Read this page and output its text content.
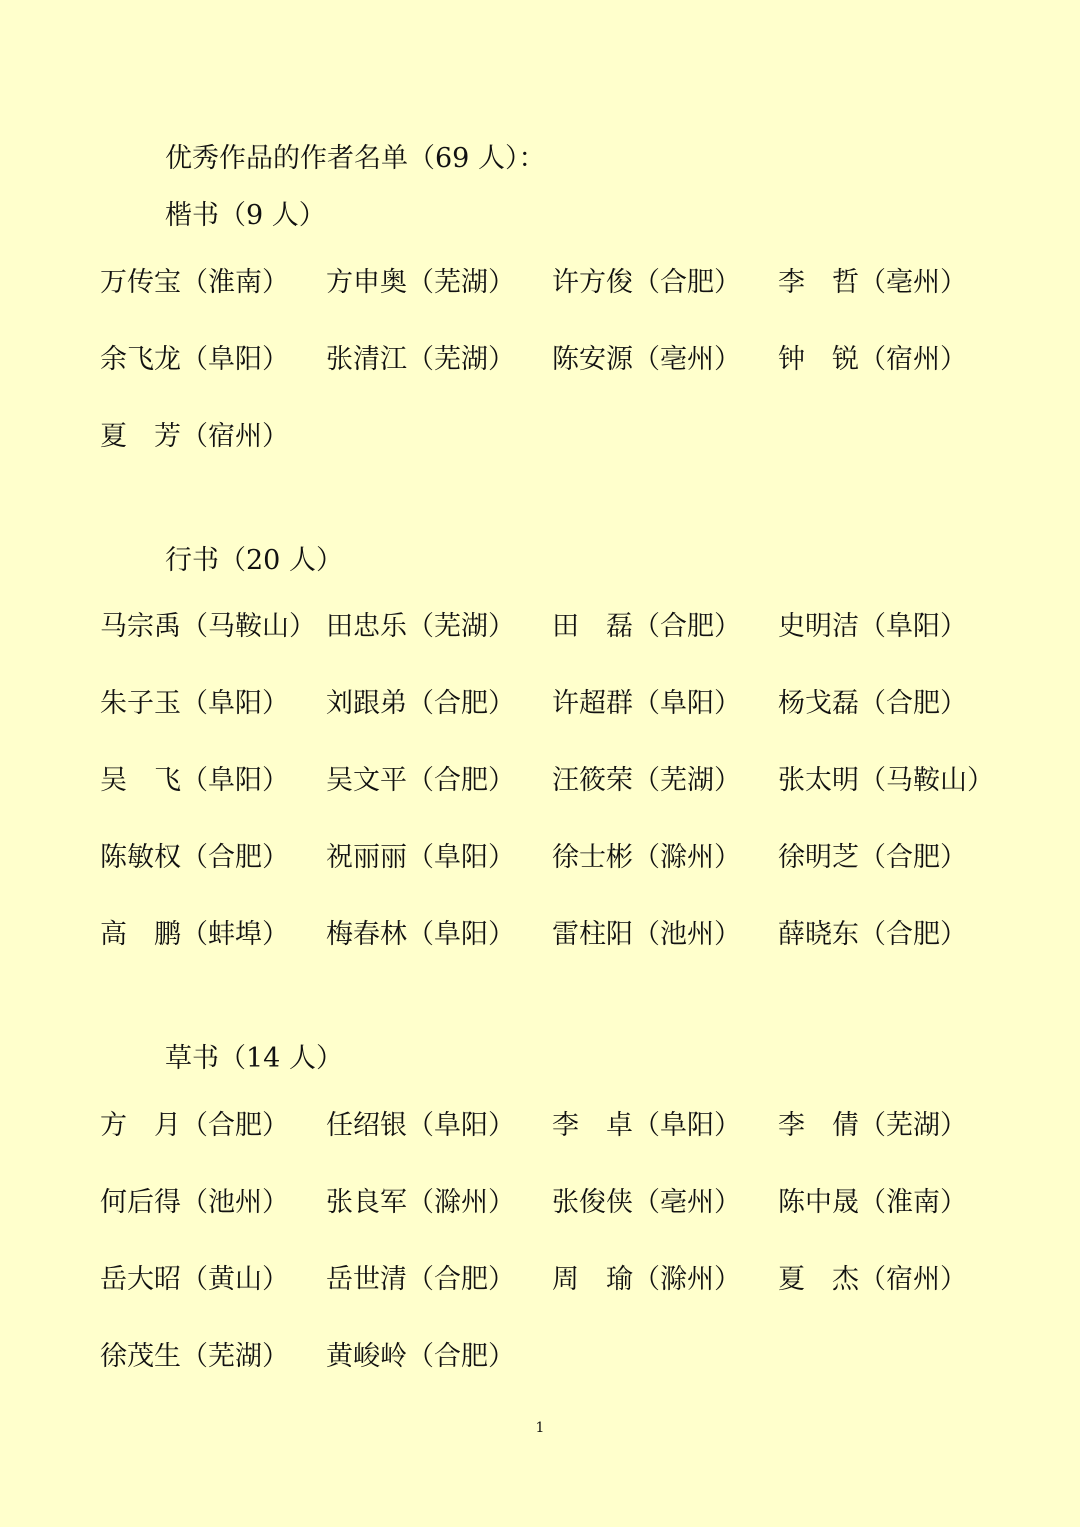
优秀作品的作者名单（69 人）：
楷书（9 人）
万传宝（淮南） 方申奥（芜湖） 许方俊（合肥） 李　哲（亳州）
余飞龙（阜阳） 张清江（芜湖） 陈安源（亳州） 钟　锐（宿州）
夏　芳（宿州）
行书（20 人）
马宗禹（马鞍山） 田忠乐（芜湖） 田　磊（合肥） 史明洁（阜阳）
朱子玉（阜阳） 刘跟弟（合肥） 许超群（阜阳） 杨戈磊（合肥）
吴　飞（阜阳） 吴文平（合肥） 汪筱荣（芜湖） 张太明（马鞍山）
陈敏权（合肥） 祝丽丽（阜阳） 徐士彬（滁州） 徐明芝（合肥）
高　鹏（蚌埠） 梅春林（阜阳） 雷柱阳（池州） 薛晓东（合肥）
草书（14 人）
方　月（合肥） 任绍银（阜阳） 李　卓（阜阳） 李　倩（芜湖）
何后得（池州） 张良军（滁州） 张俊侠（亳州） 陈中晟（淮南）
岳大昭（黄山） 岳世清（合肥） 周　瑜（滁州） 夏　杰（宿州）
徐茂生（芜湖） 黄峻岭（合肥）
1
